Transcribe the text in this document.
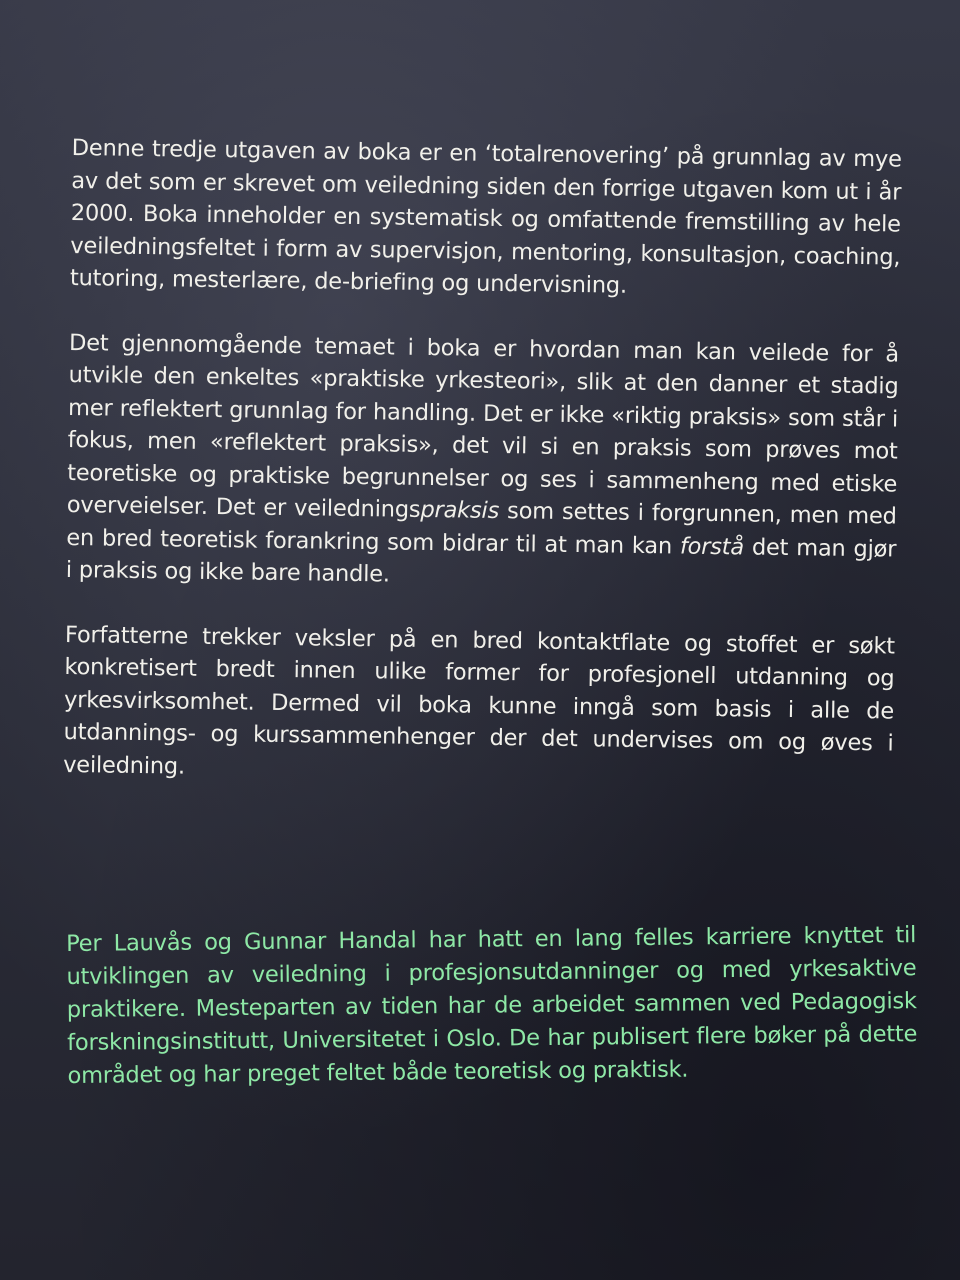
Denne tredje utgaven av boka er en ‘totalrenovering’ på grunnlag av mye av det som er skrevet om veiledning siden den forrige utgaven kom ut i år 2000. Boka inneholder en systematisk og omfattende fremstilling av hele veiledningsfeltet i form av supervisjon, mentoring, konsultasjon, coaching, tutoring, mesterlære, de-briefing og undervisning.

Det gjennomgående temaet i boka er hvordan man kan veilede for å utvikle den enkeltes «praktiske yrkesteori», slik at den danner et stadig mer reflektert grunnlag for handling. Det er ikke «riktig praksis» som står i fokus, men «reflektert praksis», det vil si en praksis som prøves mot teoretiske og praktiske begrunnelser og ses i sammenheng med etiske overveielser. Det er veiledningspraksis som settes i forgrunnen, men med en bred teoretisk forankring som bidrar til at man kan forstå det man gjør i praksis og ikke bare handle.

Forfatterne trekker veksler på en bred kontaktflate og stoffet er søkt konkretisert bredt innen ulike former for profesjonell utdanning og yrkesvirksomhet. Dermed vil boka kunne inngå som basis i alle de utdannings- og kurssammenhenger der det undervises om og øves i veiledning.

Per Lauvås og Gunnar Handal har hatt en lang felles karriere knyttet til utviklingen av veiledning i profesjonsutdanninger og med yrkesaktive praktikere. Mesteparten av tiden har de arbeidet sammen ved Pedagogisk forskningsinstitutt, Universitetet i Oslo. De har publisert flere bøker på dette området og har preget feltet både teoretisk og praktisk.
